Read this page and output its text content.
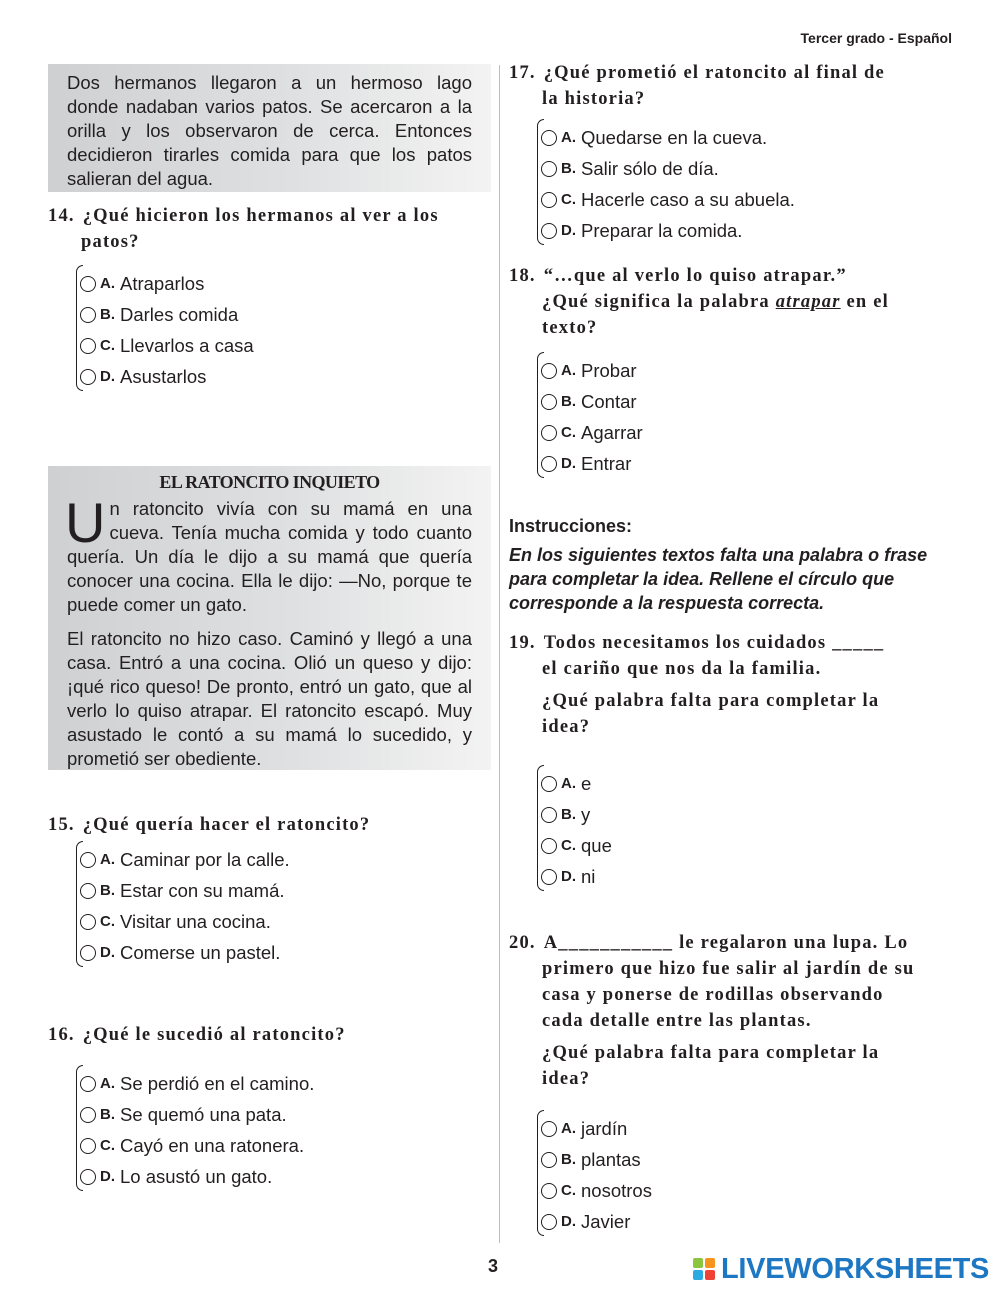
Tercer grado - Español

Dos hermanos llegaron a un hermoso lago donde nadaban varios patos. Se acercaron a la orilla y los observaron de cerca. Entonces decidieron tirarles comida para que los patos salieran del agua.

14. ¿Qué hicieron los hermanos al ver a los
patos?
A. Atraparlos
B. Darles comida
C. Llevarlos a casa
D. Asustarlos
EL RATONCITO INQUIETO

Un ratoncito vivía con su mamá en una cueva. Tenía mucha comida y todo cuanto quería. Un día le dijo a su mamá que quería conocer una cocina. Ella le dijo: —No, porque te puede comer un gato.

El ratoncito no hizo caso. Caminó y llegó a una casa. Entró a una cocina. Olió un queso y dijo: ¡qué rico queso! De pronto, entró un gato, que al verlo lo quiso atrapar. El ratoncito escapó. Muy asustado le contó a su mamá lo sucedido, y prometió ser obediente.

15. ¿Qué quería hacer el ratoncito?
A. Caminar por la calle.
B. Estar con su mamá.
C. Visitar una cocina.
D. Comerse un pastel.
16. ¿Qué le sucedió al ratoncito?
A. Se perdió en el camino.
B. Se quemó una pata.
C. Cayó en una ratonera.
D. Lo asustó un gato.
17. ¿Qué prometió el ratoncito al final de
la historia?
A. Quedarse en la cueva.
B. Salir sólo de día.
C. Hacerle caso a su abuela.
D. Preparar la comida.
18. “…que al verlo lo quiso atrapar.”
¿Qué significa la palabra atrapar en el
texto?
A. Probar
B. Contar
C. Agarrar
D. Entrar
Instrucciones:
En los siguientes textos falta una palabra o frase para completar la idea. Rellene el círculo que corresponde a la respuesta correcta.
19. Todos necesitamos los cuidados _____
el cariño que nos da la familia.
¿Qué palabra falta para completar la
idea?
A. e
B. y
C. que
D. ni
20. A___________ le regalaron una lupa. Lo
primero que hizo fue salir al jardín de su
casa y ponerse de rodillas observando
cada detalle entre las plantas.
¿Qué palabra falta para completar la
idea?
A. jardín
B. plantas
C. nosotros
D. Javier
3	LIVEWORKSHEETS
